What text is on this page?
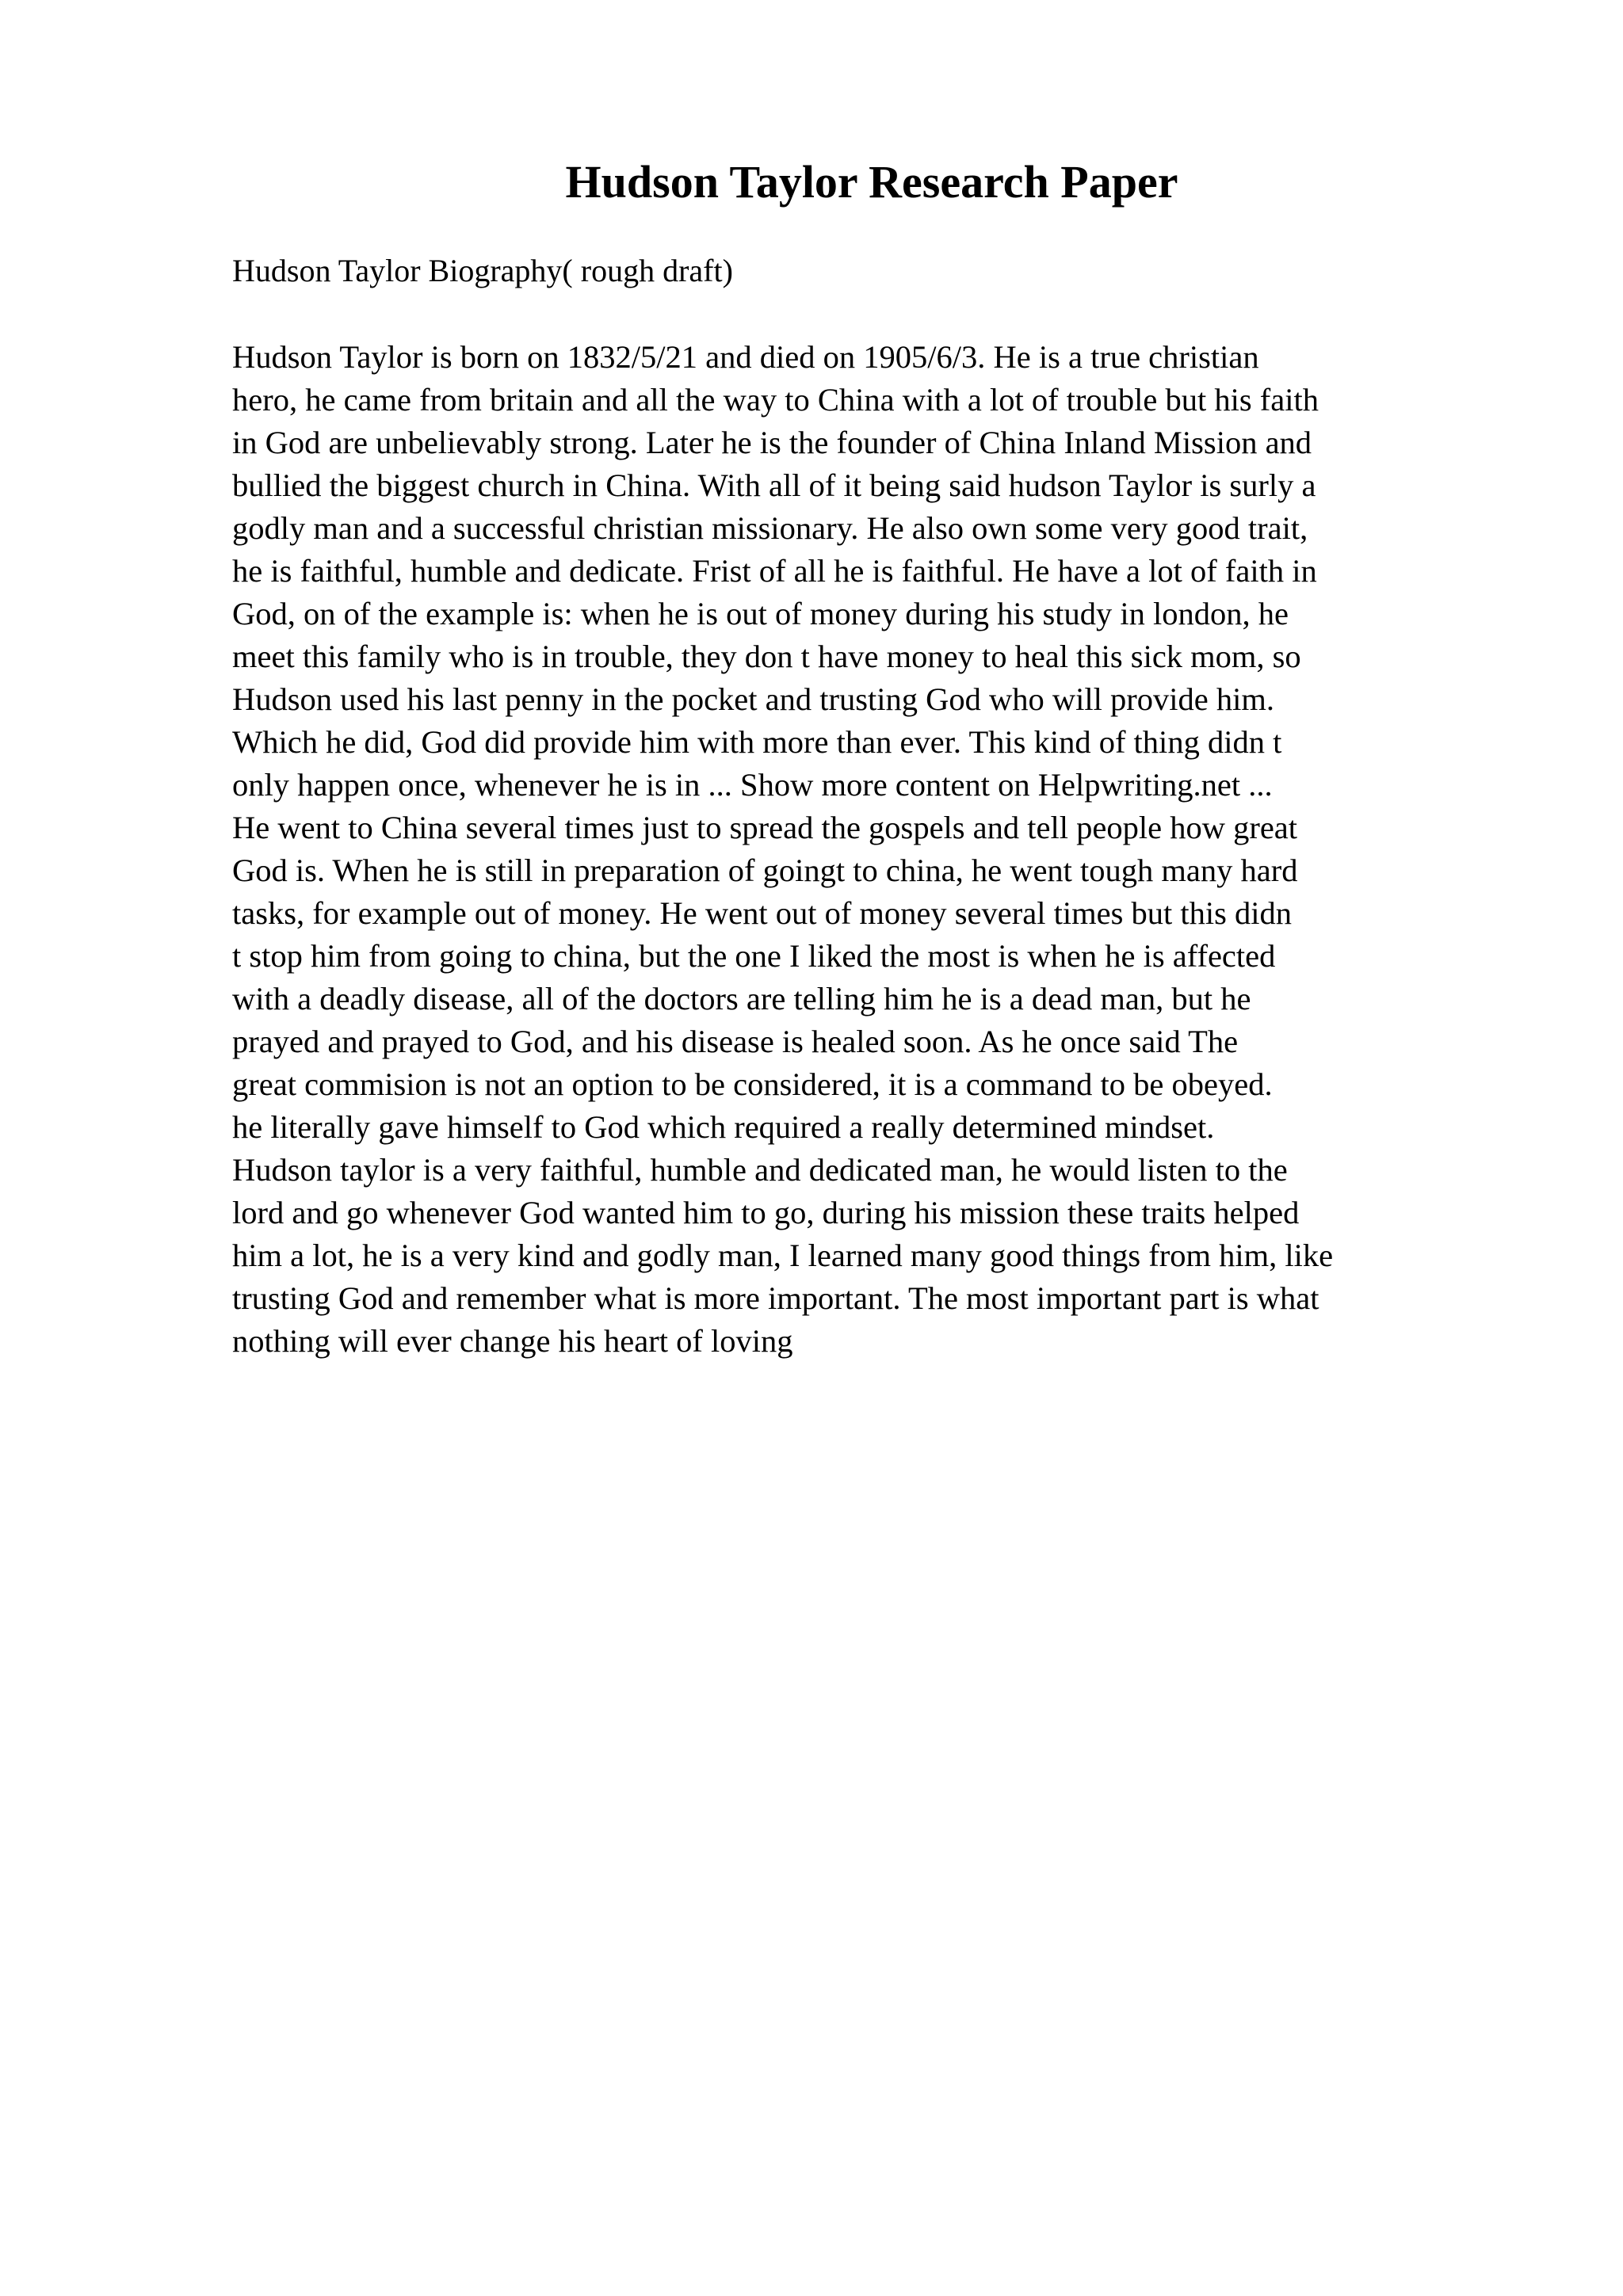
Hudson Taylor Research Paper
Hudson Taylor Biography( rough draft)
Hudson Taylor is born on 1832/5/21 and died on 1905/6/3. He is a true christian
hero, he came from britain and all the way to China with a lot of trouble but his faith
in God are unbelievably strong. Later he is the founder of China Inland Mission and
bullied the biggest church in China. With all of it being said hudson Taylor is surly a
godly man and a successful christian missionary. He also own some very good trait,
he is faithful, humble and dedicate. Frist of all he is faithful. He have a lot of faith in
God, on of the example is: when he is out of money during his study in london, he
meet this family who is in trouble, they don t have money to heal this sick mom, so
Hudson used his last penny in the pocket and trusting God who will provide him.
Which he did, God did provide him with more than ever. This kind of thing didn t
only happen once, whenever he is in ... Show more content on Helpwriting.net ...
He went to China several times just to spread the gospels and tell people how great
God is. When he is still in preparation of goingt to china, he went tough many hard
tasks, for example out of money. He went out of money several times but this didn
t stop him from going to china, but the one I liked the most is when he is affected
with a deadly disease, all of the doctors are telling him he is a dead man, but he
prayed and prayed to God, and his disease is healed soon. As he once said The
great commision is not an option to be considered, it is a command to be obeyed.
he literally gave himself to God which required a really determined mindset.
Hudson taylor is a very faithful, humble and dedicated man, he would listen to the
lord and go whenever God wanted him to go, during his mission these traits helped
him a lot, he is a very kind and godly man, I learned many good things from him, like
trusting God and remember what is more important. The most important part is what
nothing will ever change his heart of loving
